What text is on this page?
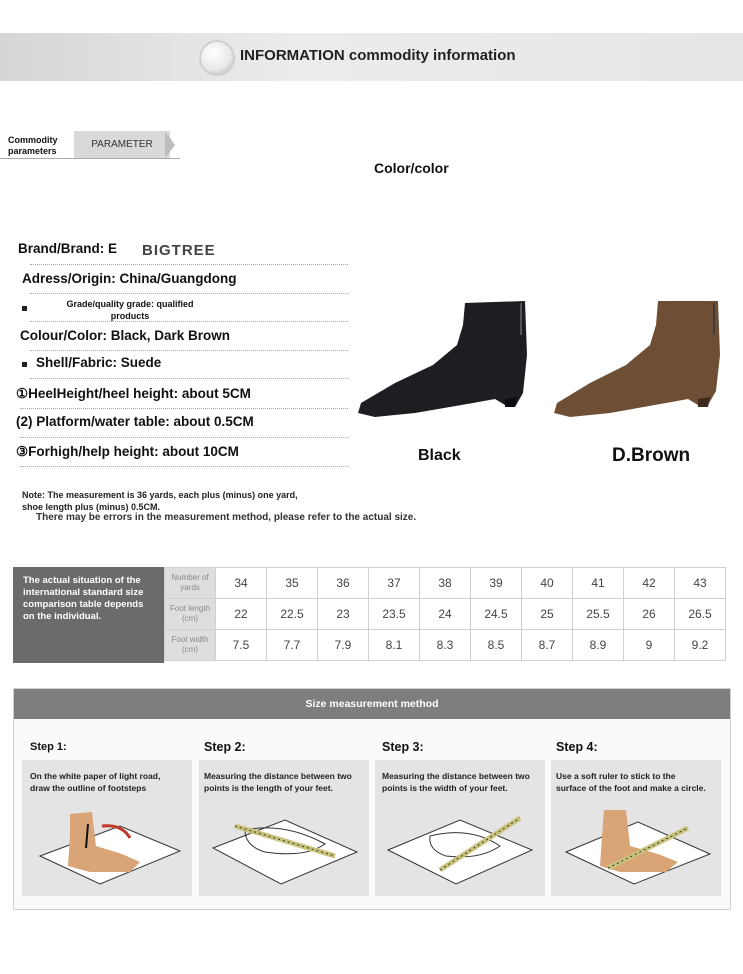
INFORMATION commodity information
Commodity parameters
PARAMETER
Color/color
Brand/Brand: E BIGTREE
Adress/Origin: China/Guangdong
Grade/quality grade: qualified products
Colour/Color: Black, Dark Brown
Shell/Fabric: Suede
①HeelHeight/heel height: about 5CM
(2) Platform/water table: about 0.5CM
③Forhigh/help height: about 10CM	Black	D.Brown
Note: The measurement is 36 yards, each plus (minus) one yard, shoe length plus (minus) 0.5CM.
There may be errors in the measurement method, please refer to the actual size.
The actual situation of the international standard size comparison table depends on the individual.
Number of yards	34	35	36	37	38	39	40	41	42	43
Foot length (cm)	22	22.5	23	23.5	24	24.5	25	25.5	26	26.5
Foot width (cm)	7.5	7.7	7.9	8.1	8.3	8.5	8.7	8.9	9	9.2
Size measurement method
Step 1:
On the white paper of light road, draw the outline of footsteps
Step 2:
Measuring the distance between two points is the length of your feet.
Step 3:
Measuring the distance between two points is the width of your feet.
Step 4:
Use a soft ruler to stick to the surface of the foot and make a circle.
